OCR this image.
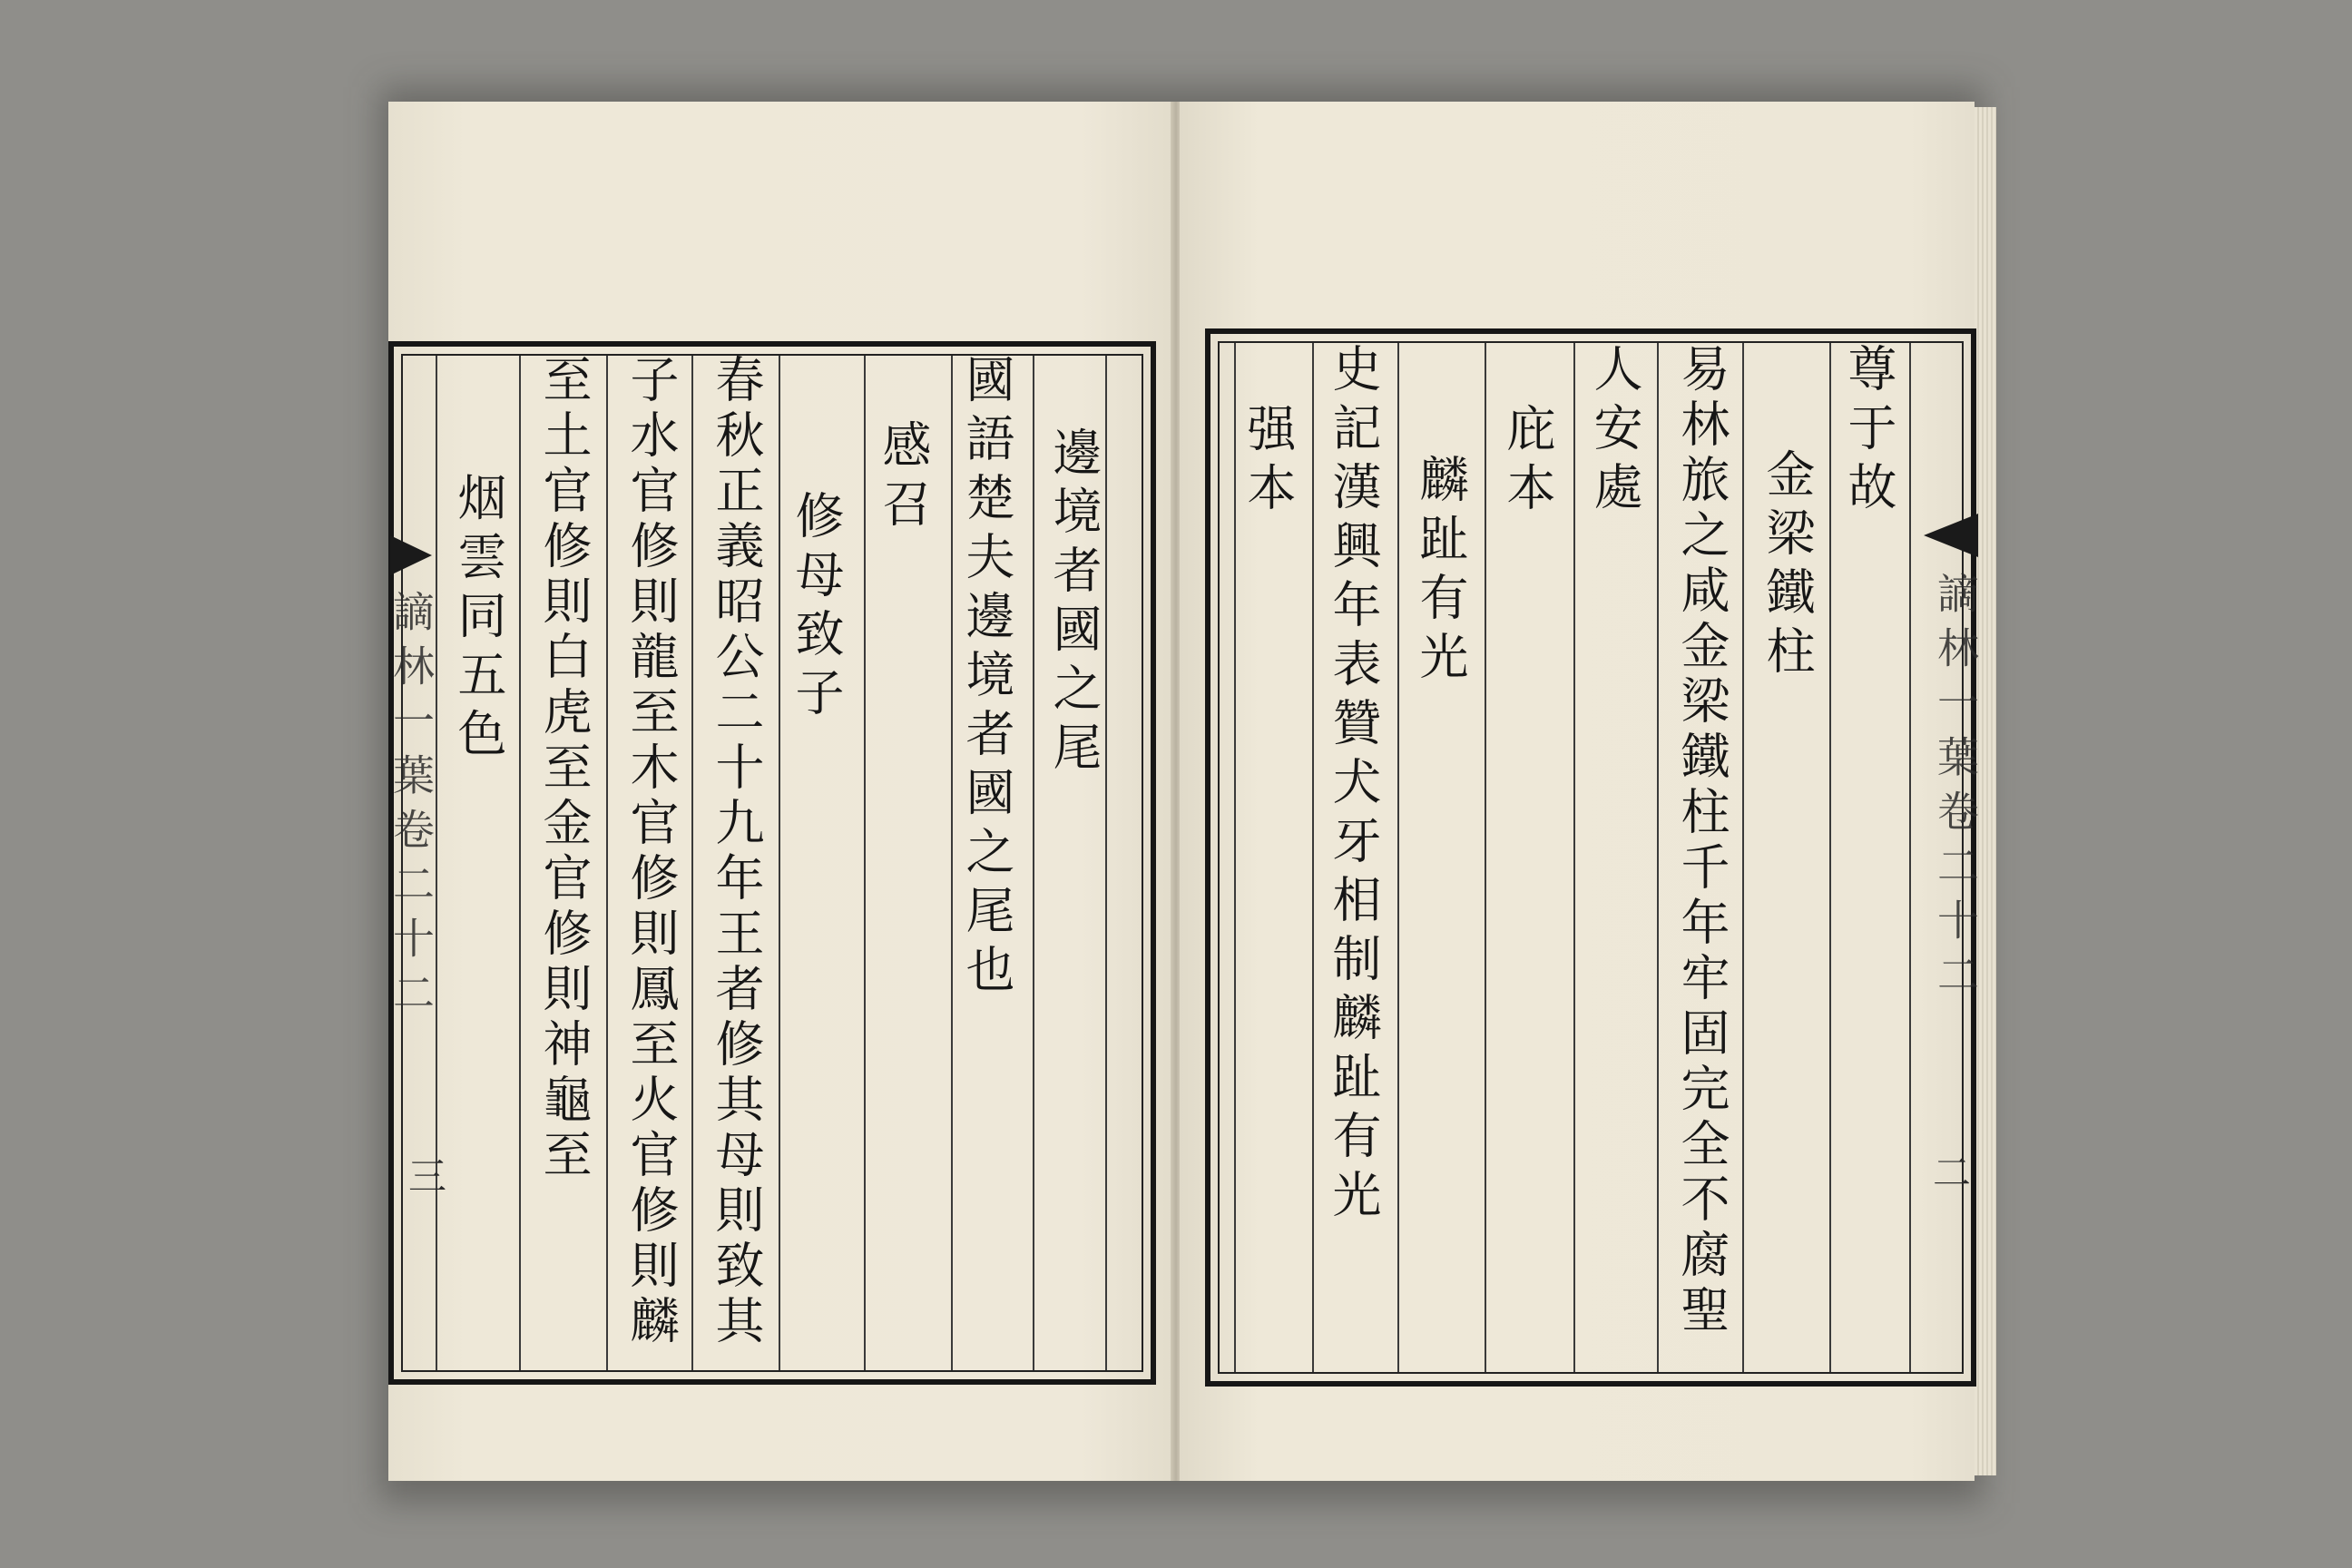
邊境者國之尾
國語楚夫邊境者國之尾也
感召
修母致子
春秋正義昭公二十九年王者修其母則致其
子水官修則龍至木官修則鳳至火官修則麟
至土官修則白虎至金官修則神龜至
烟雲同五色
謫林一葉卷二十二
三
尊于故
金梁鐵柱
易林旅之咸金梁鐵柱千年牢固完全不腐聖
人安處
庇本
麟趾有光
史記漢興年表贊犬牙相制麟趾有光
强本
謫林一葉卷二十二
二
